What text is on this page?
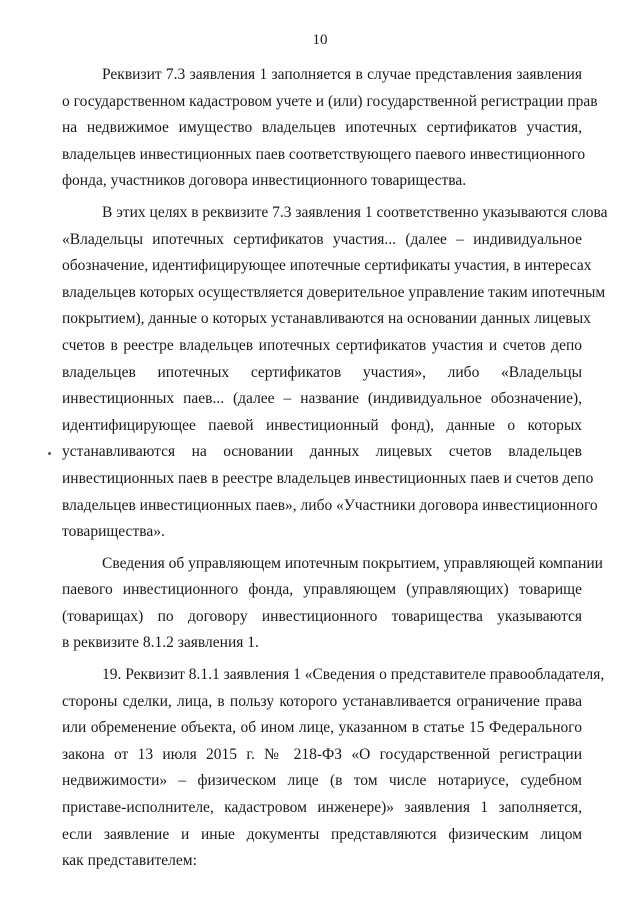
10
Реквизит 7.3 заявления 1 заполняется в случае представления заявления
о государственном кадастровом учете и (или) государственной регистрации прав
на недвижимое имущество владельцев ипотечных сертификатов участия,
владельцев инвестиционных паев соответствующего паевого инвестиционного
фонда, участников договора инвестиционного товарищества.
В этих целях в реквизите 7.3 заявления 1 соответственно указываются слова
«Владельцы ипотечных сертификатов участия... (далее – индивидуальное
обозначение, идентифицирующее ипотечные сертификаты участия, в интересах
владельцев которых осуществляется доверительное управление таким ипотечным
покрытием), данные о которых устанавливаются на основании данных лицевых
счетов в реестре владельцев ипотечных сертификатов участия и счетов депо
владельцев ипотечных сертификатов участия», либо «Владельцы
инвестиционных паев... (далее – название (индивидуальное обозначение),
идентифицирующее паевой инвестиционный фонд), данные о которых
устанавливаются на основании данных лицевых счетов владельцев
инвестиционных паев в реестре владельцев инвестиционных паев и счетов депо
владельцев инвестиционных паев», либо «Участники договора инвестиционного
товарищества».
Сведения об управляющем ипотечным покрытием, управляющей компании
паевого инвестиционного фонда, управляющем (управляющих) товарище
(товарищах) по договору инвестиционного товарищества указываются
в реквизите 8.1.2 заявления 1.
19. Реквизит 8.1.1 заявления 1 «Сведения о представителе правообладателя,
стороны сделки, лица, в пользу которого устанавливается ограничение права
или обременение объекта, об ином лице, указанном в статье 15 Федерального
закона от 13 июля 2015 г. № 218-ФЗ «О государственной регистрации
недвижимости» – физическом лице (в том числе нотариусе, судебном
приставе-исполнителе, кадастровом инженере)» заявления 1 заполняется,
если заявление и иные документы представляются физическим лицом
как представителем:
